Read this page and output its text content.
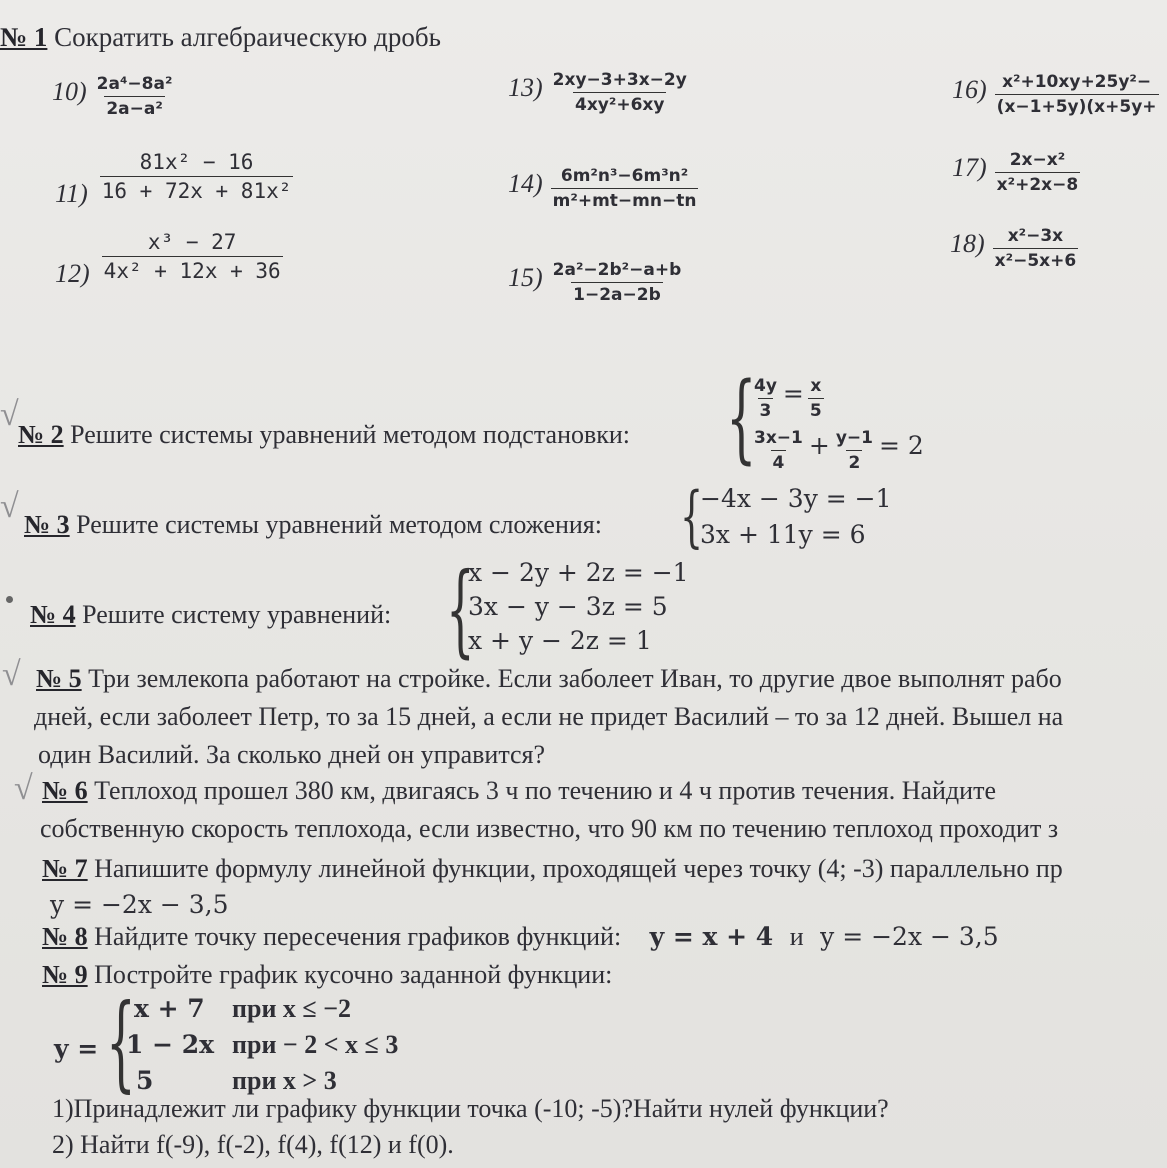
№ 1 Сократить алгебраическую дробь
$10) \frac{\text{2a⁴−8a²}}{\text{2a−a²}}$
$11) \frac{\text{81x² − 16}}{\text{16 + 72x + 81x²}}$
$12) \frac{\text{x³ − 27}}{\text{4x² + 12x + 36}}$
$13) \frac{2xy-3+3x-2y}{\text{4xy²+6xy}}$
$14) \frac{\text{6m²n³−6m³n²}}{\text{m²+mt−mn−tn}}$
$15) \frac{\text{2a²−2b²−a+b}}{1-2a-2b}$
$16) \frac{\text{x²+10xy+25y²−}}{(x-1+5y)(x+5y+}$
$17) \frac{\text{2x−x²}}{\text{x²+2x−8}}$
$18) \frac{\text{x²−3x}}{\text{x²−5x+6}}$
√
№ 2 Решите системы уравнений методом подстановки: {
$\frac{4y}{3} = \frac{x}{5}$
$\frac{3x-1}{4} + \frac{y-1}{2} = 2$
√ № 3 Решите системы уравнений методом сложения: {
−4x − 3y = −1
3x + 11y = 6
№ 4 Решите систему уравнений: {
x − 2y + 2z = −1
3x − y − 3z = 5
x + y − 2z = 1
√ № 5 Три землекопа работают на стройке. Если заболеет Иван, то другие двое выполнят рабо
дней, если заболеет Петр, то за 15 дней, а если не придет Василий – то за 12 дней. Вышел на
один Василий. За сколько дней он управится?
√ № 6 Теплоход прошел 380 км, двигаясь 3 ч по течению и 4 ч против течения. Найдите
собственную скорость теплохода, если известно, что 90 км по течению теплоход проходит з
№ 7 Напишите формулу линейной функции, проходящей через точку (4; -3) параллельно пр
y = −2x − 3,5
№ 8 Найдите точку пересечения графиков функций: y = x + 4 и y = −2x − 3,5
№ 9 Постройте график кусочно заданной функции:
y = {
x + 7 при x ≤ −2
1 − 2x при − 2 < x ≤ 3
5	при x > 3
1)Принадлежит ли графику функции точка (-10; -5)?Найти нулей функции?
2) Найти f(-9), f(-2), f(4), f(12) и f(0).
